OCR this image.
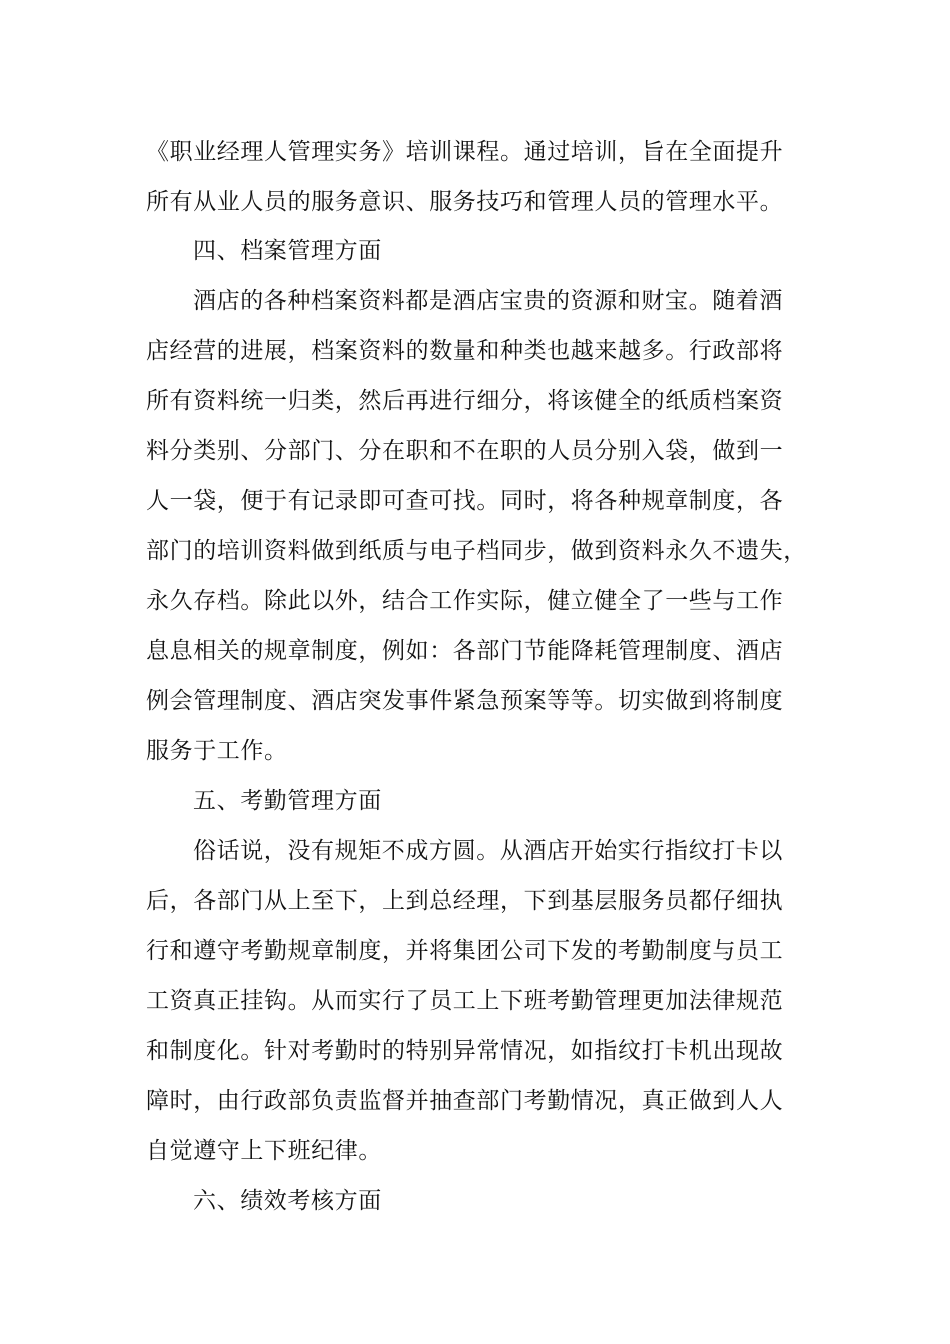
《职业经理人管理实务》培训课程。通过培训，旨在全面提升
所有从业人员的服务意识、服务技巧和管理人员的管理水平。
四、档案管理方面
酒店的各种档案资料都是酒店宝贵的资源和财宝。随着酒
店经营的进展，档案资料的数量和种类也越来越多。行政部将
所有资料统一归类，然后再进行细分，将该健全的纸质档案资
料分类别、分部门、分在职和不在职的人员分别入袋，做到一
人一袋，便于有记录即可查可找。同时，将各种规章制度，各
部门的培训资料做到纸质与电子档同步，做到资料永久不遗失，
永久存档。除此以外，结合工作实际，健立健全了一些与工作
息息相关的规章制度，例如：各部门节能降耗管理制度、酒店
例会管理制度、酒店突发事件紧急预案等等。切实做到将制度
服务于工作。
五、考勤管理方面
俗话说，没有规矩不成方圆。从酒店开始实行指纹打卡以
后，各部门从上至下，上到总经理，下到基层服务员都仔细执
行和遵守考勤规章制度，并将集团公司下发的考勤制度与员工
工资真正挂钩。从而实行了员工上下班考勤管理更加法律规范
和制度化。针对考勤时的特别异常情况，如指纹打卡机出现故
障时，由行政部负责监督并抽查部门考勤情况，真正做到人人
自觉遵守上下班纪律。
六、绩效考核方面
